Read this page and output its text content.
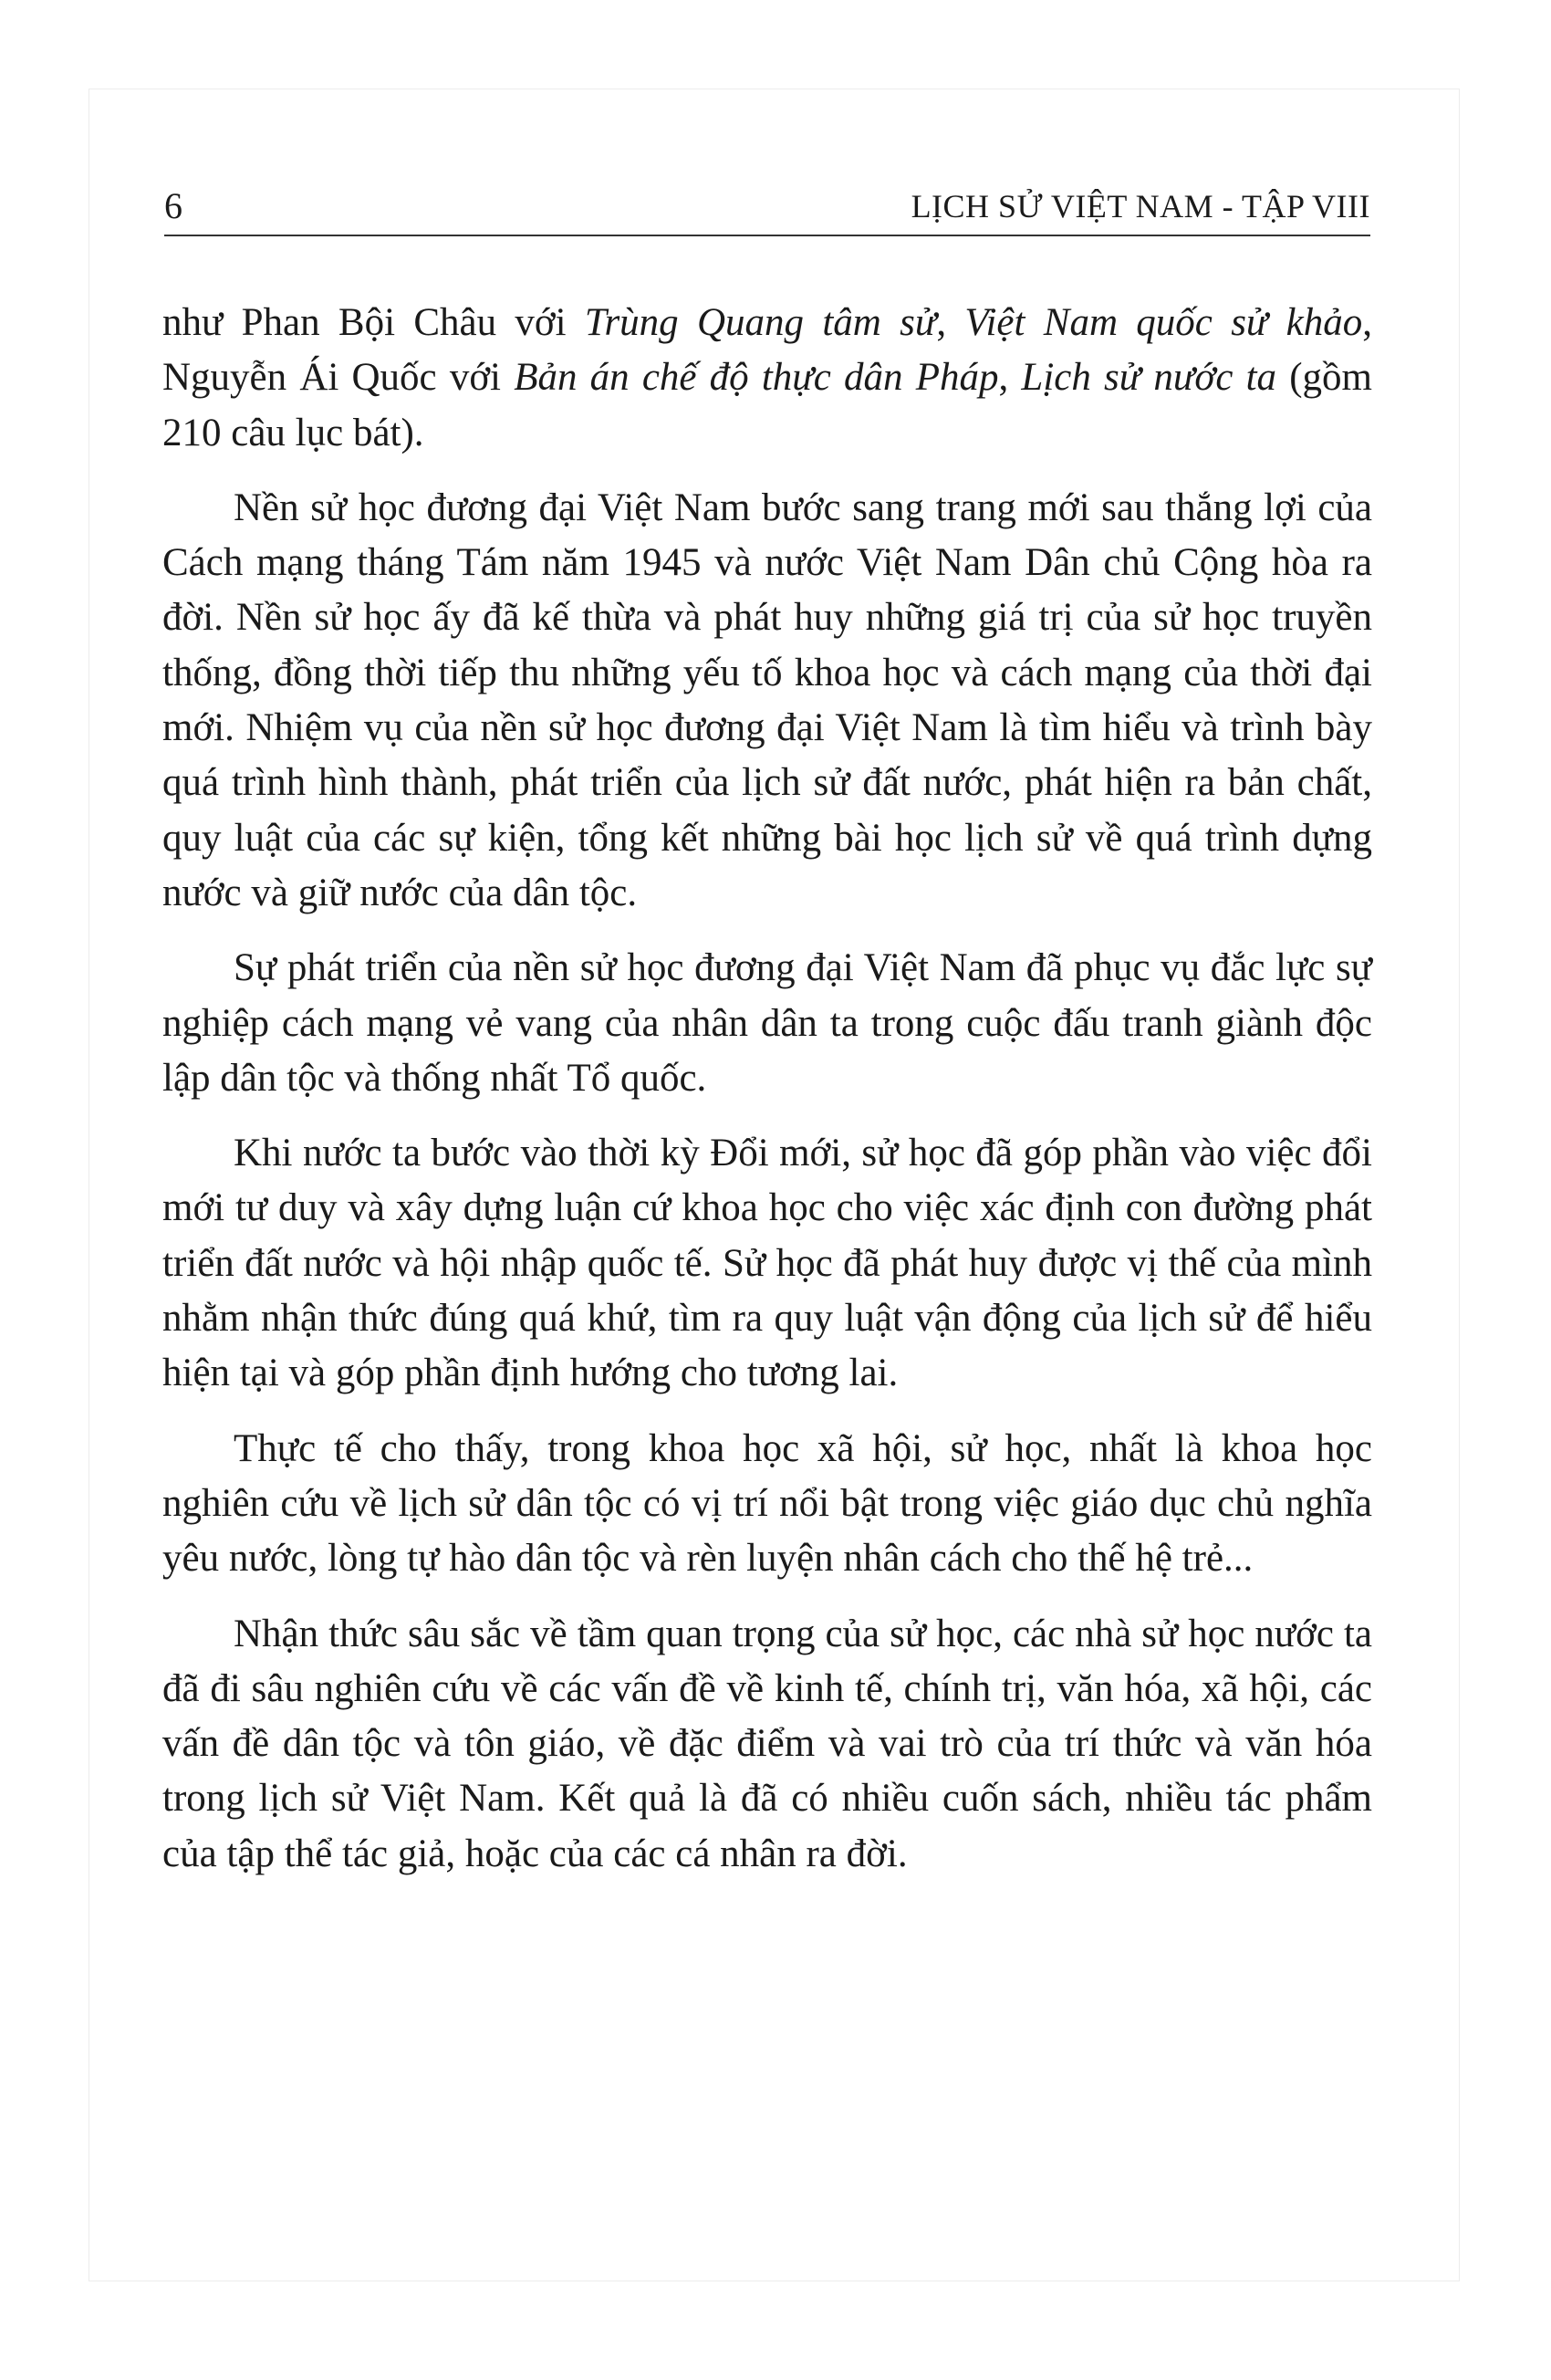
6	LỊCH SỬ VIỆT NAM - TẬP VIII

như Phan Bội Châu với Trùng Quang tâm sử, Việt Nam quốc sử khảo, Nguyễn Ái Quốc với Bản án chế độ thực dân Pháp, Lịch sử nước ta (gồm 210 câu lục bát).

Nền sử học đương đại Việt Nam bước sang trang mới sau thắng lợi của Cách mạng tháng Tám năm 1945 và nước Việt Nam Dân chủ Cộng hòa ra đời. Nền sử học ấy đã kế thừa và phát huy những giá trị của sử học truyền thống, đồng thời tiếp thu những yếu tố khoa học và cách mạng của thời đại mới. Nhiệm vụ của nền sử học đương đại Việt Nam là tìm hiểu và trình bày quá trình hình thành, phát triển của lịch sử đất nước, phát hiện ra bản chất, quy luật của các sự kiện, tổng kết những bài học lịch sử về quá trình dựng nước và giữ nước của dân tộc.

Sự phát triển của nền sử học đương đại Việt Nam đã phục vụ đắc lực sự nghiệp cách mạng vẻ vang của nhân dân ta trong cuộc đấu tranh giành độc lập dân tộc và thống nhất Tổ quốc.

Khi nước ta bước vào thời kỳ Đổi mới, sử học đã góp phần vào việc đổi mới tư duy và xây dựng luận cứ khoa học cho việc xác định con đường phát triển đất nước và hội nhập quốc tế. Sử học đã phát huy được vị thế của mình nhằm nhận thức đúng quá khứ, tìm ra quy luật vận động của lịch sử để hiểu hiện tại và góp phần định hướng cho tương lai.

Thực tế cho thấy, trong khoa học xã hội, sử học, nhất là khoa học nghiên cứu về lịch sử dân tộc có vị trí nổi bật trong việc giáo dục chủ nghĩa yêu nước, lòng tự hào dân tộc và rèn luyện nhân cách cho thế hệ trẻ...

Nhận thức sâu sắc về tầm quan trọng của sử học, các nhà sử học nước ta đã đi sâu nghiên cứu về các vấn đề về kinh tế, chính trị, văn hóa, xã hội, các vấn đề dân tộc và tôn giáo, về đặc điểm và vai trò của trí thức và văn hóa trong lịch sử Việt Nam. Kết quả là đã có nhiều cuốn sách, nhiều tác phẩm của tập thể tác giả, hoặc của các cá nhân ra đời.
